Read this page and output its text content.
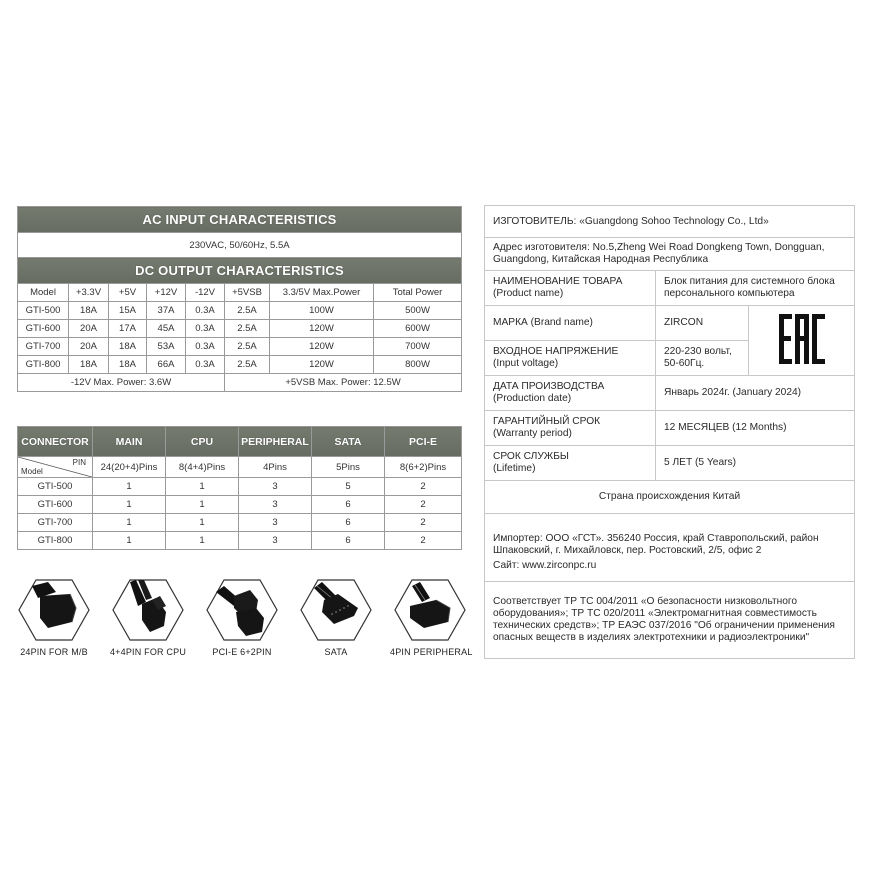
AC INPUT CHARACTERISTICS							
230VAC, 50/60Hz, 5.5A							
DC OUTPUT CHARACTERISTICS							
Model	+3.3V	+5V	+12V	-12V	+5VSB	3.3/5V Max.Power	Total Power
GTI-500	18A	15A	37A	0.3A	2.5A	100W	500W
GTI-600	20A	17A	45A	0.3A	2.5A	120W	600W
GTI-700	20A	18A	53A	0.3A	2.5A	120W	700W
GTI-800	18A	18A	66A	0.3A	2.5A	120W	800W
-12V Max. Power: 3.6W					+5VSB Max. Power: 12.5W		
CONNECTOR	MAIN	CPU	PERIPHERAL	SATA	PCI-E

PIN
Model	24(20+4)Pins	8(4+4)Pins	4Pins	5Pins	8(6+2)Pins
GTI-500	1	1	3	5	2
GTI-600	1	1	3	6	2
GTI-700	1	1	3	6	2
GTI-800	1	1	3	6	2
24PIN FOR M/B	4+4PIN FOR CPU	PCI-E 6+2PIN	SATA	4PIN PERIPHERAL
ИЗГОТОВИТЕЛЬ: «Guangdong Sohoo Technology Co., Ltd»		
Адрес изготовителя: No.5,Zheng Wei Road Dongkeng Town, Dongguan, Guangdong, Китайская Народная Республика		
НАИМЕНОВАНИЕ ТОВАРА
(Product name)	Блок питания для системного блока персонального компьютера	
МАРКА (Brand name)	ZIRCON	
ВХОДНОЕ НАПРЯЖЕНИЕ
(Input voltage)	220-230 вольт,
50-60Гц.	
ДАТА ПРОИЗВОДСТВА
(Production date)	Январь 2024г. (January 2024)	
ГАРАНТИЙНЫЙ СРОК
(Warranty period)	12 МЕСЯЦЕВ (12 Months)	
СРОК СЛУЖБЫ
(Lifetime)	5 ЛЕТ (5 Years)	
Страна происхождения Китай		

Импортер: ООО «ГСТ». 356240 Россия, край Ставропольский, район Шпаковский, г. Михайловск, пер. Ростовский, 2/5, офис 2
Сайт: www.zirconpc.ru		

Соответствует ТР ТС 004/2011 «О безопасности низковольтного оборудования»; ТР ТС 020/2011 «Электромагнитная совместимость технических средств»; ТР ЕАЭС 037/2016 "Об ограничении применения опасных веществ в изделиях электротехники и радиоэлектроники"		
